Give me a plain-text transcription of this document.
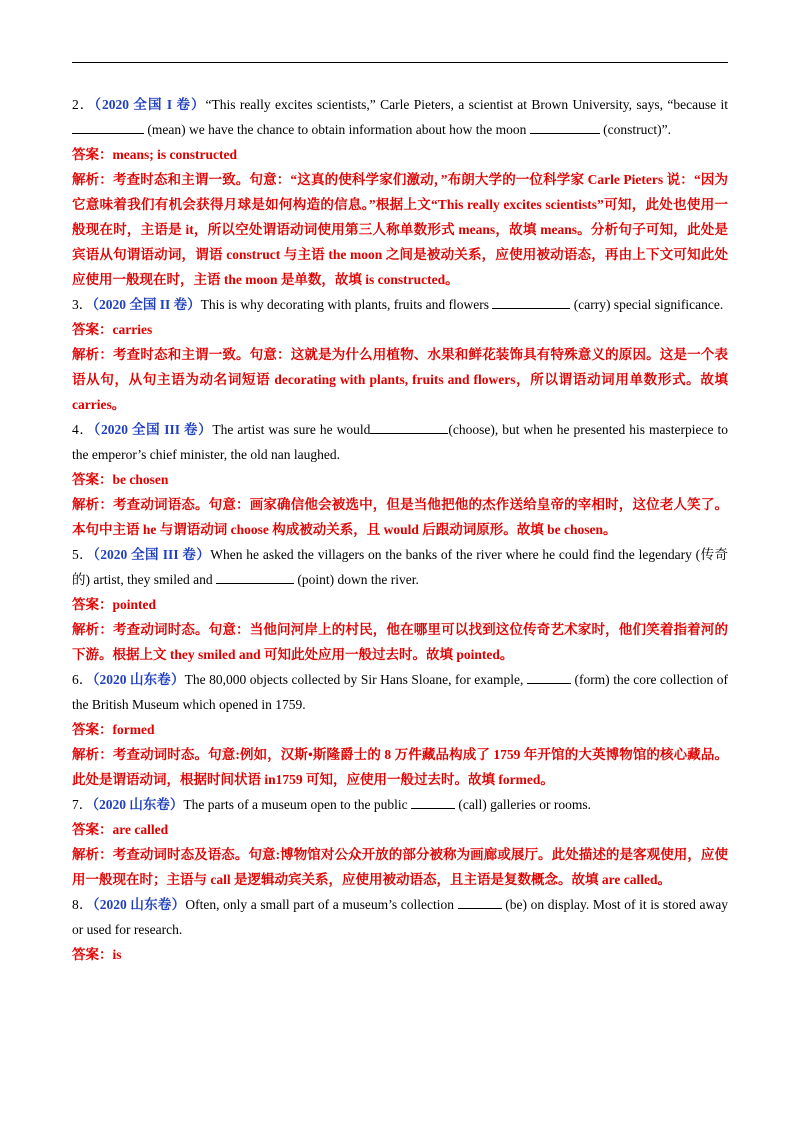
2．（2020 全国 I 卷）“This really excites scientists,” Carle Pieters, a scientist at Brown University, says, “because it  (mean) we have the chance to obtain information about how the moon	(construct)”.
答案：means; is constructed
解析：考查时态和主谓一致。句意：“这真的使科学家们激动，”布朗大学的一位科学家 Carle Pieters 说：“因为它意味着我们有机会获得月球是如何构造的信息。”根据上文“This really excites scientists”可知，此处也使用一般现在时，主语是 it，所以空处谓语动词使用第三人称单数形式 means，故填 means。分析句子可知，此处是宾语从句谓语动词，谓语 construct 与主语 the moon 之间是被动关系，应使用被动语态，再由上下文可知此处应使用一般现在时，主语 the moon 是单数，故填 is constructed。
3．（2020 全国 II 卷）This is why decorating with plants, fruits and flowers	(carry) special significance.
答案：carries
解析：考查时态和主谓一致。句意：这就是为什么用植物、水果和鲜花装饰具有特殊意义的原因。这是一个表语从句，从句主语为动名词短语 decorating with plants, fruits and flowers，所以谓语动词用单数形式。故填 carries。
4．（2020 全国 III 卷）The artist was sure he would	(choose), but when he presented his masterpiece to the emperor’s chief minister, the old nan laughed.
答案：be chosen
解析：考查动词语态。句意：画家确信他会被选中，但是当他把他的杰作送给皇帝的宰相时，这位老人笑了。本句中主语 he 与谓语动词 choose 构成被动关系，且 would 后跟动词原形。故填 be chosen。
5．（2020 全国 III 卷）When he asked the villagers on the banks of the river where he could find the legendary (传奇的) artist, they smiled and	(point) down the river.
答案：pointed
解析：考查动词时态。句意：当他问河岸上的村民，他在哪里可以找到这位传奇艺术家时，他们笑着指着河的下游。根据上文 they smiled and 可知此处应用一般过去时。故填 pointed。
6．（2020 山东卷）The 80,000 objects collected by Sir Hans Sloane, for example,	(form) the core collection of the British Museum which opened in 1759.
答案：formed
解析：考查动词时态。句意:例如，汉斯•斯隆爵士的 8 万件藏品构成了 1759 年开馆的大英博物馆的核心藏品。此处是谓语动词，根据时间状语 in1759 可知，应使用一般过去时。故填 formed。
7．（2020 山东卷）The parts of a museum open to the public	(call) galleries or rooms.
答案：are called
解析：考查动词时态及语态。句意:博物馆对公众开放的部分被称为画廊或展厅。此处描述的是客观使用，应使用一般现在时；主语与 call 是逻辑动宾关系，应使用被动语态，且主语是复数概念。故填 are called。
8．（2020 山东卷）Often, only a small part of a museum’s collection	(be) on display. Most of it is stored away or used for research.
答案：is
